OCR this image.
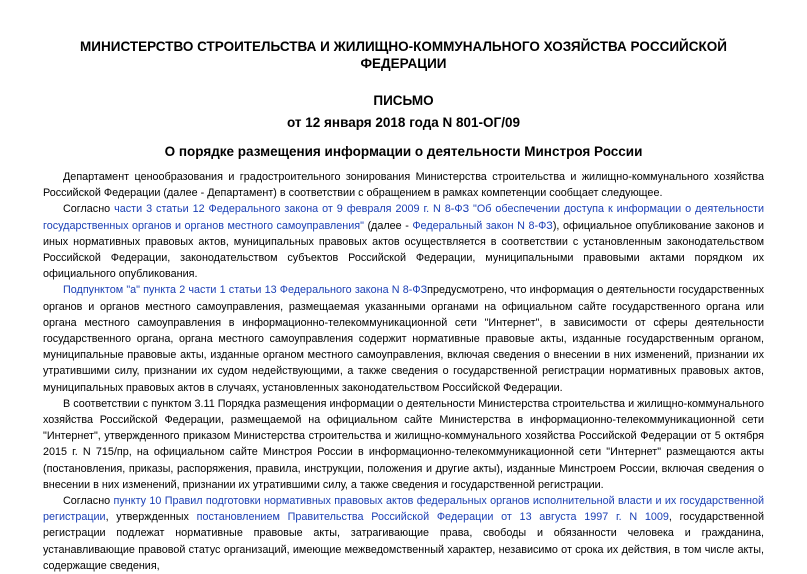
МИНИСТЕРСТВО СТРОИТЕЛЬСТВА И ЖИЛИЩНО-КОММУНАЛЬНОГО ХОЗЯЙСТВА РОССИЙСКОЙ ФЕДЕРАЦИИ
ПИСЬМО
от 12 января 2018 года N 801-ОГ/09
О порядке размещения информации о деятельности Минстроя России

Департамент ценообразования и градостроительного зонирования Министерства строительства и жилищно-коммунального хозяйства Российской Федерации (далее - Департамент) в соответствии с обращением в рамках компетенции сообщает следующее.

Согласно части 3 статьи 12 Федерального закона от 9 февраля 2009 г. N 8-ФЗ "Об обеспечении доступа к информации о деятельности государственных органов и органов местного самоуправления" (далее - Федеральный закон N 8-ФЗ), официальное опубликование законов и иных нормативных правовых актов, муниципальных правовых актов осуществляется в соответствии с установленным законодательством Российской Федерации, законодательством субъектов Российской Федерации, муниципальными правовыми актами порядком их официального опубликования.

Подпунктом "а" пункта 2 части 1 статьи 13 Федерального закона N 8-ФЗпредусмотрено, что информация о деятельности государственных органов и органов местного самоуправления, размещаемая указанными органами на официальном сайте государственного органа или органа местного самоуправления в информационно-телекоммуникационной сети "Интернет", в зависимости от сферы деятельности государственного органа, органа местного самоуправления содержит нормативные правовые акты, изданные государственным органом, муниципальные правовые акты, изданные органом местного самоуправления, включая сведения о внесении в них изменений, признании их утратившими силу, признании их судом недействующими, а также сведения о государственной регистрации нормативных правовых актов, муниципальных правовых актов в случаях, установленных законодательством Российской Федерации.

В соответствии с пунктом 3.11 Порядка размещения информации о деятельности Министерства строительства и жилищно-коммунального хозяйства Российской Федерации, размещаемой на официальном сайте Министерства в информационно-телекоммуникационной сети "Интернет", утвержденного приказом Министерства строительства и жилищно-коммунального хозяйства Российской Федерации от 5 октября 2015 г. N 715/пр, на официальном сайте Минстроя России в информационно-телекоммуникационной сети "Интернет" размещаются акты (постановления, приказы, распоряжения, правила, инструкции, положения и другие акты), изданные Минстроем России, включая сведения о внесении в них изменений, признании их утратившими силу, а также сведения и государственной регистрации.

Согласно пункту 10 Правил подготовки нормативных правовых актов федеральных органов исполнительной власти и их государственной регистрации, утвержденных постановлением Правительства Российской Федерации от 13 августа 1997 г. N 1009, государственной регистрации подлежат нормативные правовые акты, затрагивающие права, свободы и обязанности человека и гражданина, устанавливающие правовой статус организаций, имеющие межведомственный характер, независимо от срока их действия, в том числе акты, содержащие сведения,
